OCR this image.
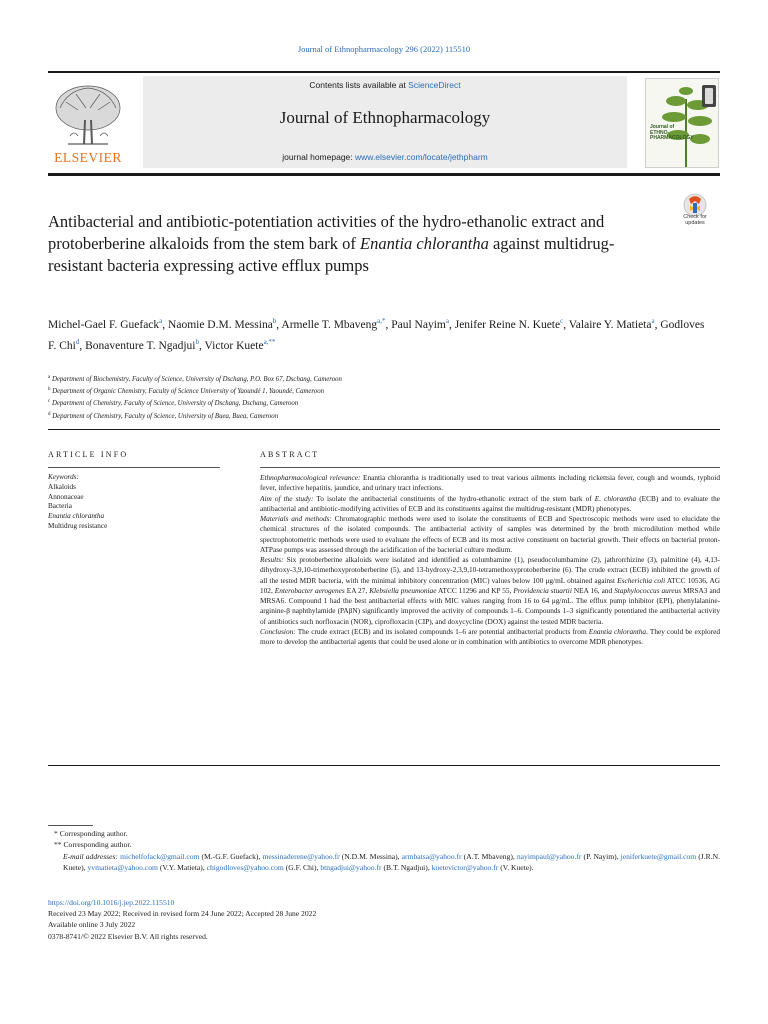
Journal of Ethnopharmacology 296 (2022) 115510
ELSEVIER
Contents lists available at ScienceDirect
Journal of Ethnopharmacology
journal homepage: www.elsevier.com/locate/jethpharm
Journal of ETHNO-PHARMACOLOGY
Check for updates
Antibacterial and antibiotic-potentiation activities of the hydro-ethanolic extract and protoberberine alkaloids from the stem bark of Enantia chlorantha against multidrug-resistant bacteria expressing active efflux pumps
Michel-Gael F. Guefack$^a$, Naomie D.M. Messina$^b$, Armelle T. Mbaveng$^{a,*}$, Paul Nayim$^a$, Jenifer Reine N. Kuete$^c$, Valaire Y. Matieta$^a$, Godloves F. Chi$^d$, Bonaventure T. Ngadjui$^b$, Victor Kuete$^{a,**}$
$^a$ Department of Biochemistry, Faculty of Science, University of Dschang, P.O. Box 67, Dschang, Cameroon
$^b$ Department of Organic Chemistry, Faculty of Science University of Yaoundé 1, Yaoundé, Cameroon
$^c$ Department of Chemistry, Faculty of Science, University of Dschang, Dschang, Cameroon
$^d$ Department of Chemistry, Faculty of Science, University of Buea, Buea, Cameroon
ARTICLE INFO
Keywords:
Alkaloids
Annonaceae
Bacteria
Enantia chlorantha
Multidrug resistance
ABSTRACT

Ethnopharmacological relevance: Enantia chlorantha is traditionally used to treat various ailments including rickettsia fever, cough and wounds, typhoid fever, infective hepatitis, jaundice, and urinary tract infections.

Aim of the study: To isolate the antibacterial constituents of the hydro-ethanolic extract of the stem bark of E. chlorantha (ECB) and to evaluate the antibacterial and antibiotic-modifying activities of ECB and its constituents against the multidrug-resistant (MDR) phenotypes.

Materials and methods: Chromatographic methods were used to isolate the constituents of ECB and Spectroscopic methods were used to elucidate the chemical structures of the isolated compounds. The antibacterial activity of samples was determined by the broth microdilution method while spectrophotometric methods were used to evaluate the effects of ECB and its most active constituent on bacterial growth. Their effects on bacterial proton-ATPase pumps was assessed through the acidification of the bacterial culture medium.

Results: Six protoberberine alkaloids were isolated and identified as columbamine (1), pseudocolumbamine (2), jathrorrhizine (3), palmitine (4), 4,13-dihydroxy-3,9,10-trimethoxyprotoberberine (5), and 13-hydroxy-2,3,9,10-tetramethoxyprotoberberine (6). The crude extract (ECB) inhibited the growth of all the tested MDR bacteria, with the minimal inhibitory concentration (MIC) values below 100 μg/mL obtained against Escherichia coli ATCC 10536, AG 102, Enterobacter aerogenes EA 27, Klebsiella pneumoniae ATCC 11296 and KP 55, Providencia stuartii NEA 16, and Staphylococcus aureus MRSA3 and MRSA6. Compound 1 had the best antibacterial effects with MIC values ranging from 16 to 64 μg/mL. The efflux pump inhibitor (EPI), phenylalanine-arginine-β naphthylamide (PAβN) significantly improved the activity of compounds 1–6. Compounds 1–3 significantly potentiated the antibacterial activity of antibiotics such norfloxacin (NOR), ciprofloxacin (CIP), and doxycycline (DOX) against the tested MDR bacteria.

Conclusion: The crude extract (ECB) and its isolated compounds 1–6 are potential antibacterial products from Enantia chlorantha. They could be explored more to develop the antibacterial agents that could be used alone or in combination with antibiotics to overcome MDR phenotypes.

* Corresponding author.
** Corresponding author.
E-mail addresses: michelfofack@gmail.com (M.-G.F. Guefack), messinaderene@yahoo.fr (N.D.M. Messina), armbatsa@yahoo.fr (A.T. Mbaveng), nayimpaul@yahoo.fr (P. Nayim), jeniferkuete@gmail.com (J.R.N. Kuete), yvmatieta@yahoo.com (V.Y. Matieta), chigodloves@yahoo.com (G.F. Chi), btngadjui@yahoo.fr (B.T. Ngadjui), kuetevictor@yahoo.fr (V. Kuete).
https://doi.org/10.1016/j.jep.2022.115510
Received 23 May 2022; Received in revised form 24 June 2022; Accepted 28 June 2022
Available online 3 July 2022
0378-8741/© 2022 Elsevier B.V. All rights reserved.
